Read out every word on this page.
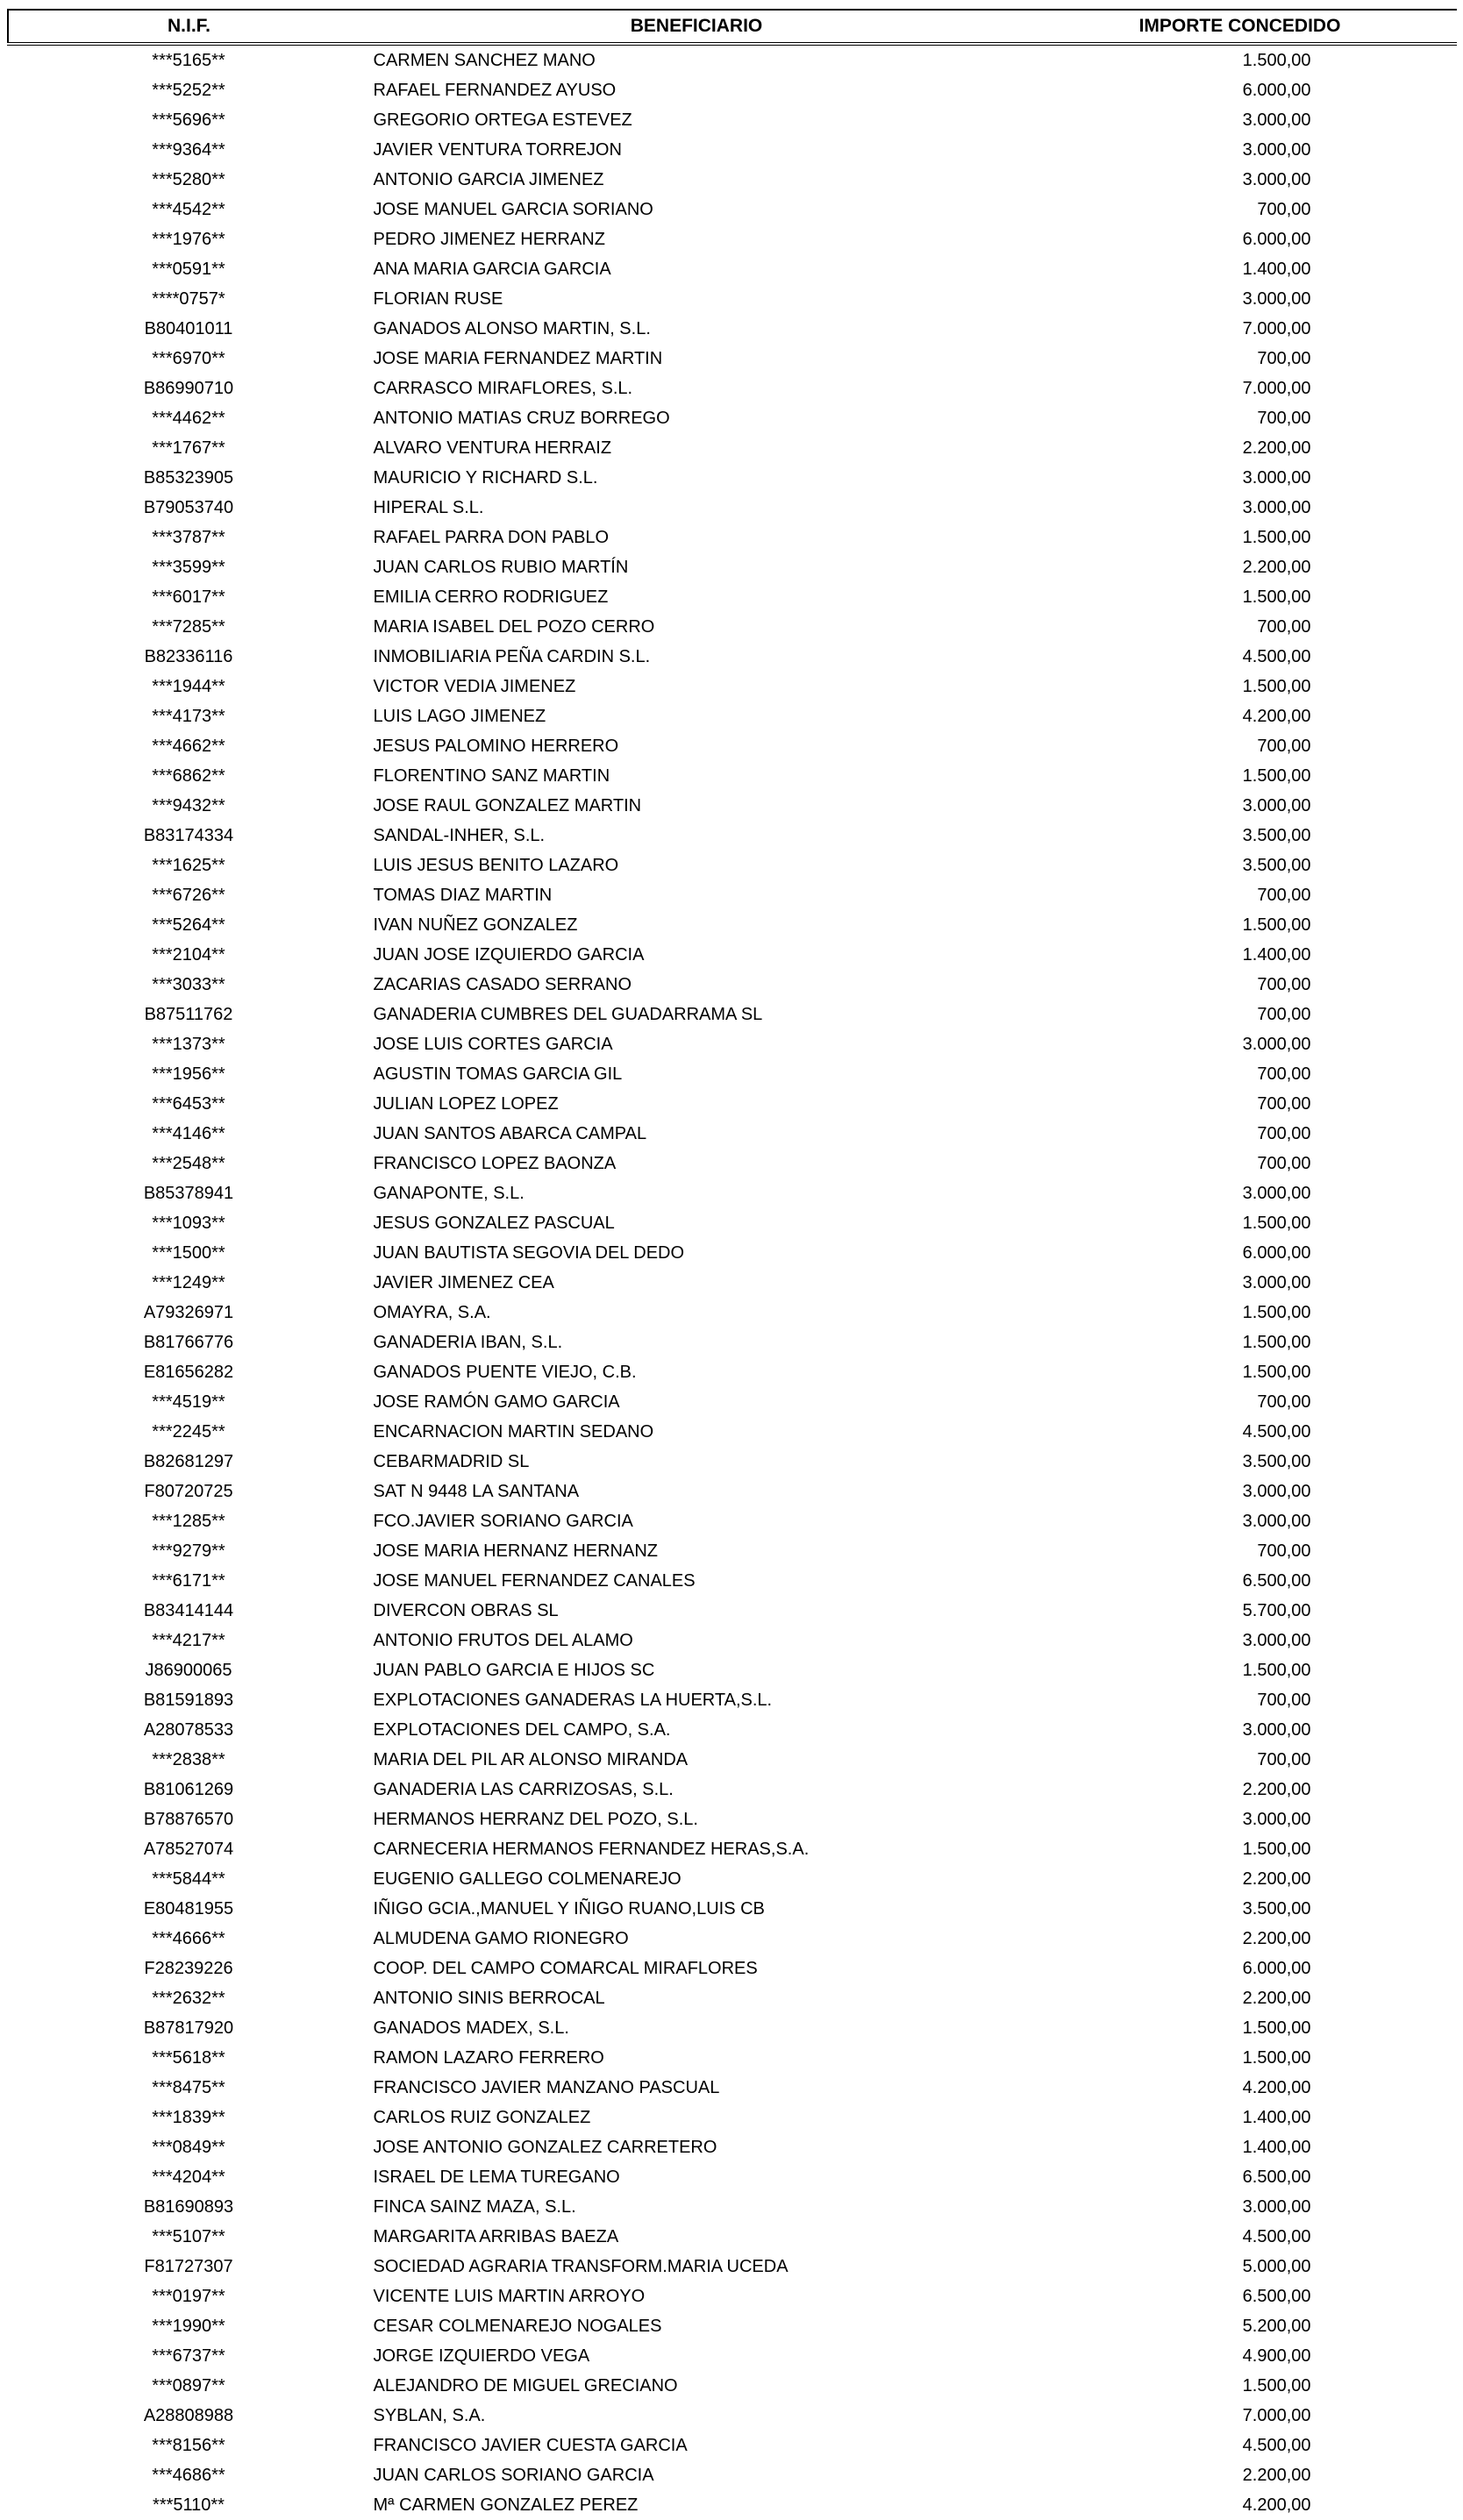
N.I.F.	BENEFICIARIO	IMPORTE CONCEDIDO
***5165**	CARMEN SANCHEZ MANO	1.500,00
***5252**	RAFAEL FERNANDEZ AYUSO	6.000,00
***5696**	GREGORIO ORTEGA ESTEVEZ	3.000,00
***9364**	JAVIER VENTURA TORREJON	3.000,00
***5280**	ANTONIO GARCIA JIMENEZ	3.000,00
***4542**	JOSE MANUEL GARCIA SORIANO	700,00
***1976**	PEDRO JIMENEZ HERRANZ	6.000,00
***0591**	ANA MARIA GARCIA GARCIA	1.400,00
****0757*	FLORIAN RUSE	3.000,00
B80401011	GANADOS ALONSO MARTIN, S.L.	7.000,00
***6970**	JOSE MARIA FERNANDEZ MARTIN	700,00
B86990710	CARRASCO MIRAFLORES, S.L.	7.000,00
***4462**	ANTONIO MATIAS CRUZ BORREGO	700,00
***1767**	ALVARO VENTURA HERRAIZ	2.200,00
B85323905	MAURICIO Y RICHARD S.L.	3.000,00
B79053740	HIPERAL S.L.	3.000,00
***3787**	RAFAEL PARRA DON PABLO	1.500,00
***3599**	JUAN CARLOS RUBIO MARTÍN	2.200,00
***6017**	EMILIA CERRO RODRIGUEZ	1.500,00
***7285**	MARIA ISABEL DEL POZO CERRO	700,00
B82336116	INMOBILIARIA PEÑA CARDIN S.L.	4.500,00
***1944**	VICTOR VEDIA JIMENEZ	1.500,00
***4173**	LUIS LAGO JIMENEZ	4.200,00
***4662**	JESUS PALOMINO HERRERO	700,00
***6862**	FLORENTINO SANZ MARTIN	1.500,00
***9432**	JOSE RAUL GONZALEZ MARTIN	3.000,00
B83174334	SANDAL-INHER, S.L.	3.500,00
***1625**	LUIS JESUS BENITO LAZARO	3.500,00
***6726**	TOMAS DIAZ MARTIN	700,00
***5264**	IVAN NUÑEZ GONZALEZ	1.500,00
***2104**	JUAN JOSE IZQUIERDO GARCIA	1.400,00
***3033**	ZACARIAS CASADO SERRANO	700,00
B87511762	GANADERIA CUMBRES DEL GUADARRAMA SL	700,00
***1373**	JOSE LUIS CORTES GARCIA	3.000,00
***1956**	AGUSTIN TOMAS GARCIA GIL	700,00
***6453**	JULIAN LOPEZ LOPEZ	700,00
***4146**	JUAN SANTOS ABARCA CAMPAL	700,00
***2548**	FRANCISCO LOPEZ BAONZA	700,00
B85378941	GANAPONTE, S.L.	3.000,00
***1093**	JESUS GONZALEZ PASCUAL	1.500,00
***1500**	JUAN BAUTISTA SEGOVIA DEL DEDO	6.000,00
***1249**	JAVIER JIMENEZ CEA	3.000,00
A79326971	OMAYRA, S.A.	1.500,00
B81766776	GANADERIA IBAN, S.L.	1.500,00
E81656282	GANADOS PUENTE VIEJO, C.B.	1.500,00
***4519**	JOSE RAMÓN GAMO GARCIA	700,00
***2245**	ENCARNACION MARTIN SEDANO	4.500,00
B82681297	CEBARMADRID SL	3.500,00
F80720725	SAT N 9448 LA SANTANA	3.000,00
***1285**	FCO.JAVIER SORIANO GARCIA	3.000,00
***9279**	JOSE MARIA HERNANZ HERNANZ	700,00
***6171**	JOSE MANUEL FERNANDEZ CANALES	6.500,00
B83414144	DIVERCON OBRAS SL	5.700,00
***4217**	ANTONIO FRUTOS DEL ALAMO	3.000,00
J86900065	JUAN PABLO GARCIA E HIJOS SC	1.500,00
B81591893	EXPLOTACIONES GANADERAS LA HUERTA,S.L.	700,00
A28078533	EXPLOTACIONES DEL CAMPO, S.A.	3.000,00
***2838**	MARIA DEL PIL AR ALONSO MIRANDA	700,00
B81061269	GANADERIA LAS CARRIZOSAS, S.L.	2.200,00
B78876570	HERMANOS HERRANZ DEL POZO, S.L.	3.000,00
A78527074	CARNECERIA HERMANOS FERNANDEZ HERAS,S.A.	1.500,00
***5844**	EUGENIO GALLEGO COLMENAREJO	2.200,00
E80481955	IÑIGO GCIA.,MANUEL Y IÑIGO RUANO,LUIS CB	3.500,00
***4666**	ALMUDENA GAMO RIONEGRO	2.200,00
F28239226	COOP. DEL CAMPO COMARCAL MIRAFLORES	6.000,00
***2632**	ANTONIO SINIS BERROCAL	2.200,00
B87817920	GANADOS MADEX, S.L.	1.500,00
***5618**	RAMON LAZARO FERRERO	1.500,00
***8475**	FRANCISCO JAVIER MANZANO PASCUAL	4.200,00
***1839**	CARLOS RUIZ GONZALEZ	1.400,00
***0849**	JOSE ANTONIO GONZALEZ CARRETERO	1.400,00
***4204**	ISRAEL DE LEMA TUREGANO	6.500,00
B81690893	FINCA SAINZ MAZA, S.L.	3.000,00
***5107**	MARGARITA ARRIBAS BAEZA	4.500,00
F81727307	SOCIEDAD AGRARIA TRANSFORM.MARIA UCEDA	5.000,00
***0197**	VICENTE LUIS MARTIN ARROYO	6.500,00
***1990**	CESAR COLMENAREJO NOGALES	5.200,00
***6737**	JORGE IZQUIERDO VEGA	4.900,00
***0897**	ALEJANDRO DE MIGUEL GRECIANO	1.500,00
A28808988	SYBLAN, S.A.	7.000,00
***8156**	FRANCISCO JAVIER CUESTA GARCIA	4.500,00
***4686**	JUAN CARLOS SORIANO GARCIA	2.200,00
***5110**	Mª CARMEN GONZALEZ PEREZ	4.200,00
